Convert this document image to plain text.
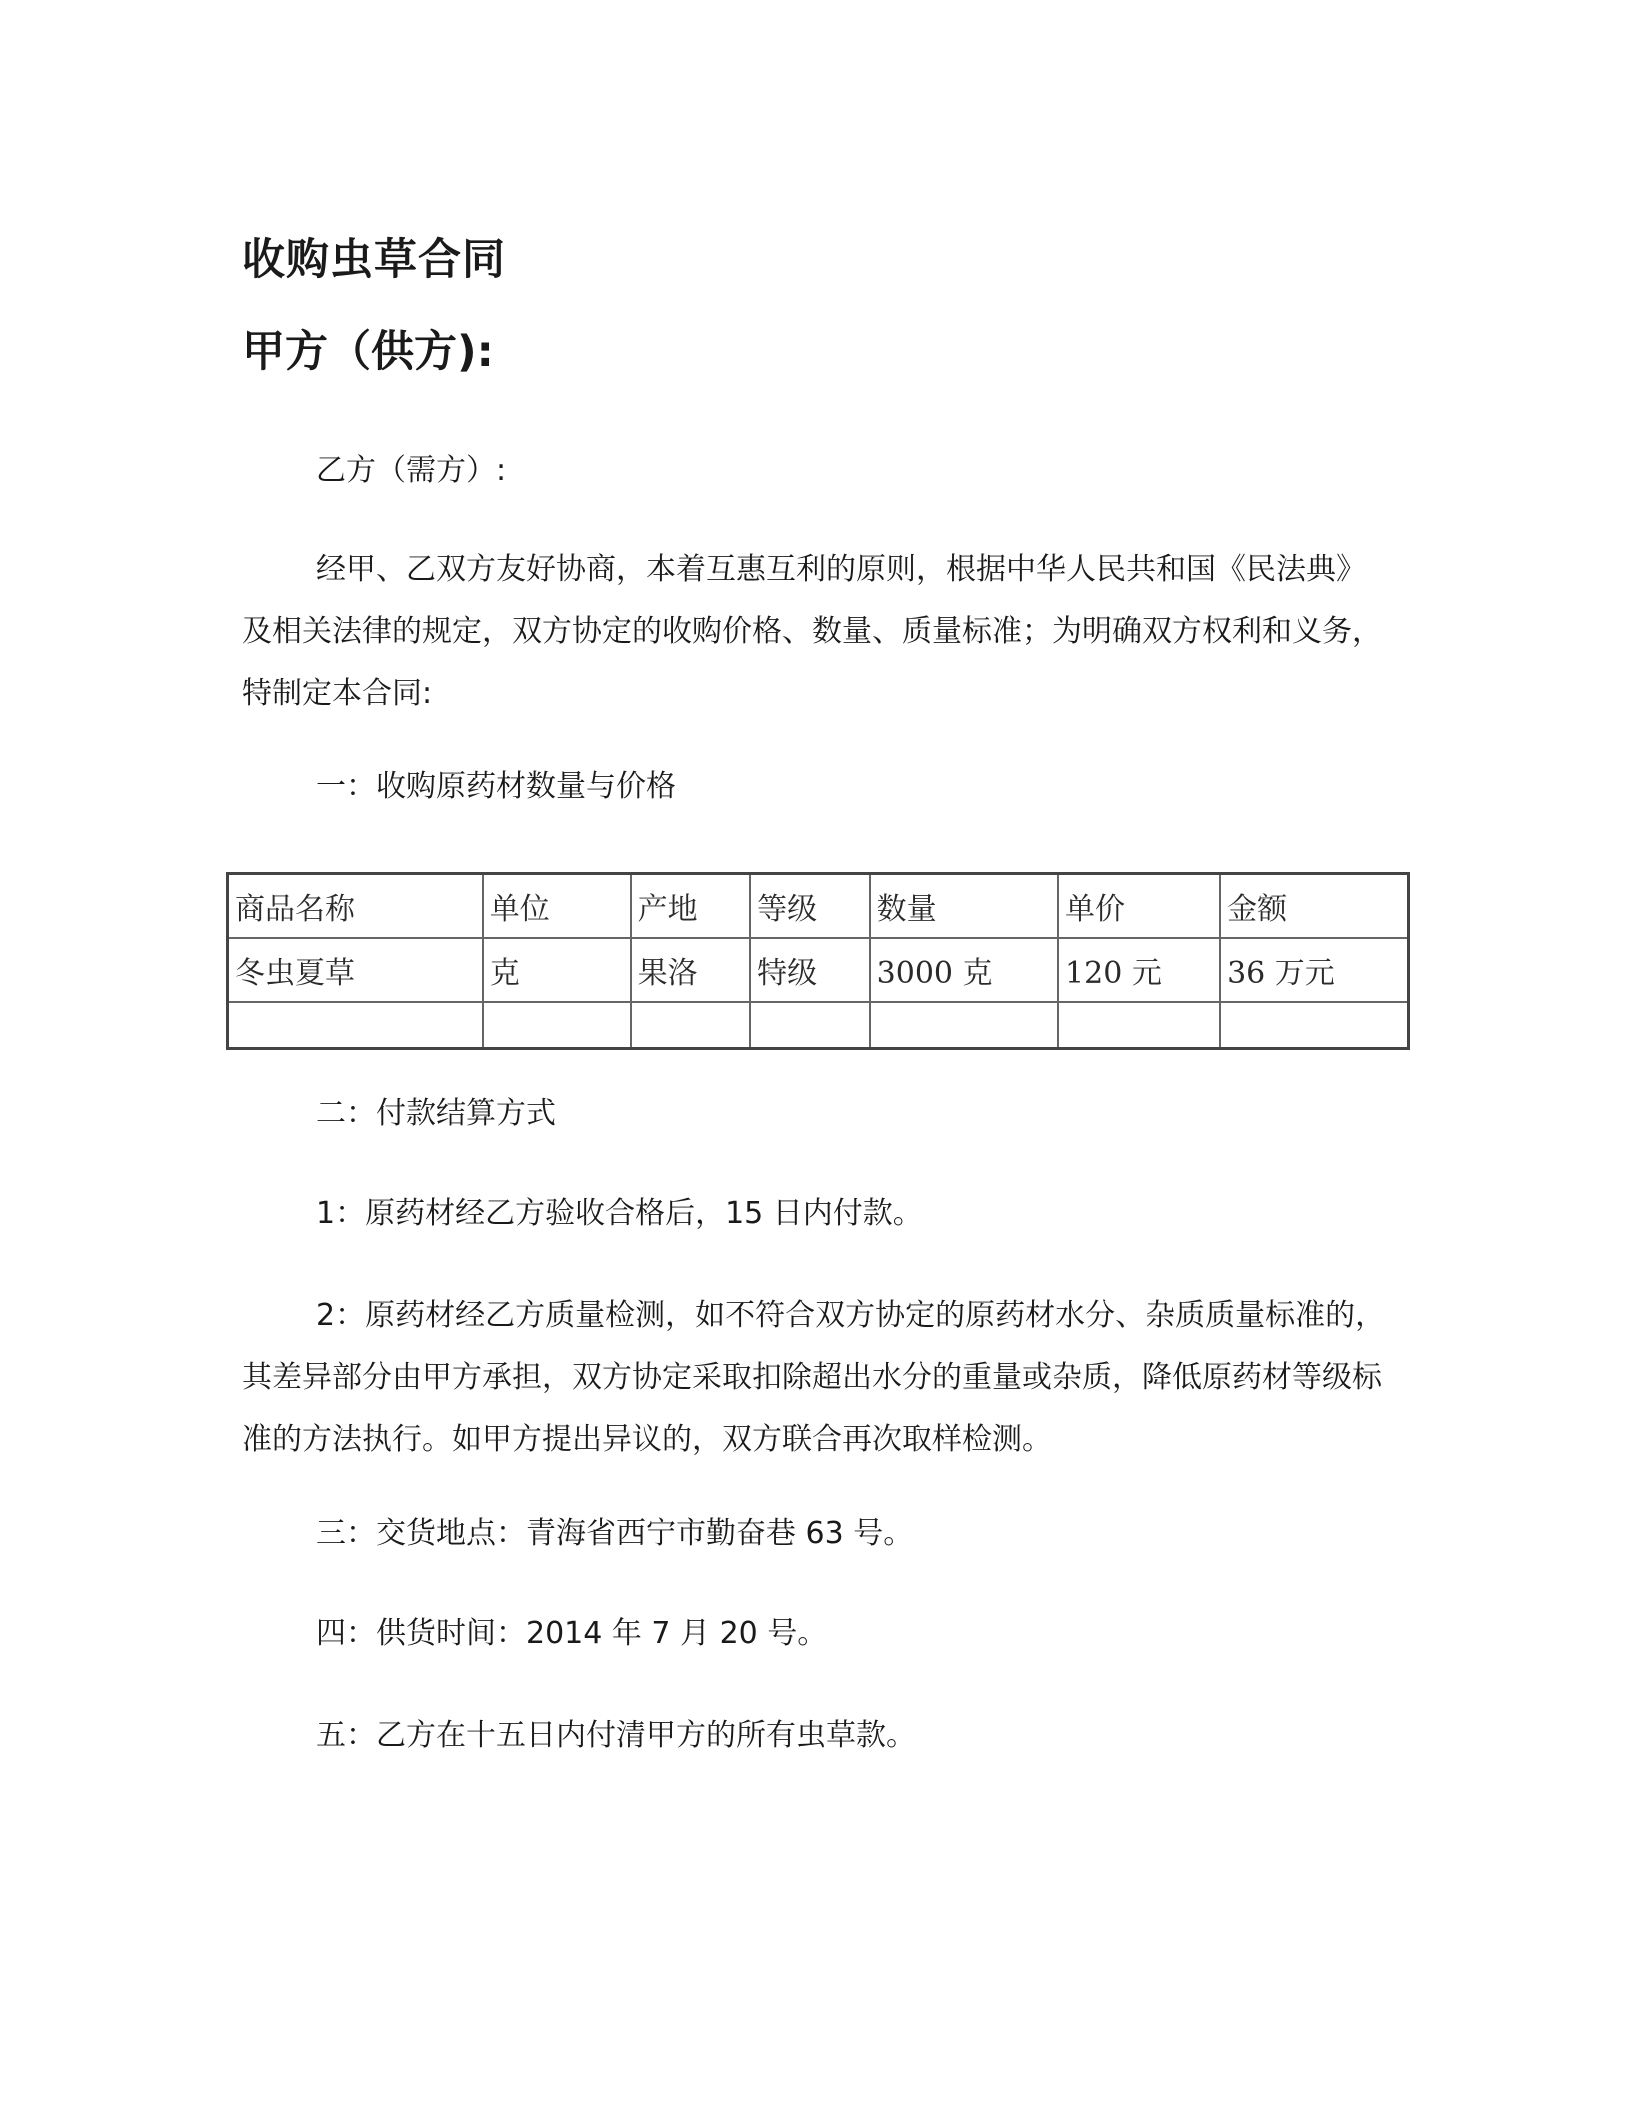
收购虫草合同
甲方（供方):

乙方（需方）:

经甲、乙双方友好协商，本着互惠互利的原则，根据中华人民共和国《民法典》及相关法律的规定，双方协定的收购价格、数量、质量标准；为明确双方权利和义务，特制定本合同:

一：收购原药材数量与价格

商品名称	单位	产地	等级	数量	单价	金额
冬虫夏草	克	果洛	特级	3000 克	120 元	36 万元

二：付款结算方式

1：原药材经乙方验收合格后，15 日内付款。

2：原药材经乙方质量检测，如不符合双方协定的原药材水分、杂质质量标准的，其差异部分由甲方承担，双方协定采取扣除超出水分的重量或杂质，降低原药材等级标准的方法执行。如甲方提出异议的，双方联合再次取样检测。

三：交货地点：青海省西宁市勤奋巷 63 号。

四：供货时间：2014 年 7 月 20 号。

五：乙方在十五日内付清甲方的所有虫草款。
